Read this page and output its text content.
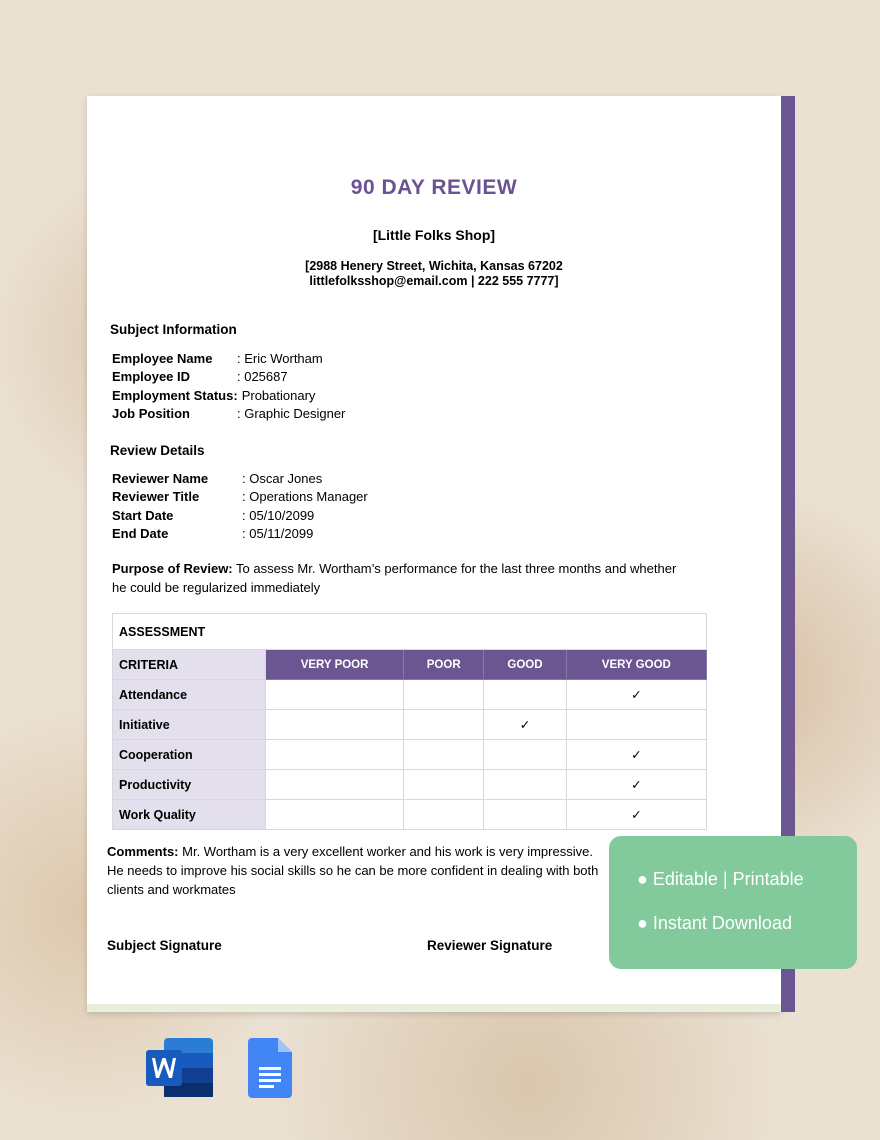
90 DAY REVIEW
[Little Folks Shop]
[2988 Henery Street, Wichita, Kansas 67202
littlefolksshop@email.com | 222 555 7777]
Subject Information
Employee Name	: Eric Wortham
Employee ID	: 025687
Employment Status: Probationary
Job Position	: Graphic Designer
Review Details
Reviewer Name	: Oscar Jones
Reviewer Title	: Operations Manager
Start Date	: 05/10/2099
End Date	: 05/11/2099
Purpose of Review: To assess Mr. Wortham’s performance for the last three months and whether he could be regularized immediately
ASSESSMENT				
CRITERIA	VERY POOR	POOR	GOOD	VERY GOOD
Attendance				✓
Initiative			✓	
Cooperation				✓
Productivity				✓
Work Quality				✓
Comments: Mr. Wortham is a very excellent worker and his work is very impressive. He needs to improve his social skills so he can be more confident in dealing with both clients and workmates
Subject Signature	Reviewer Signature
● Editable | Printable
● Instant Download
